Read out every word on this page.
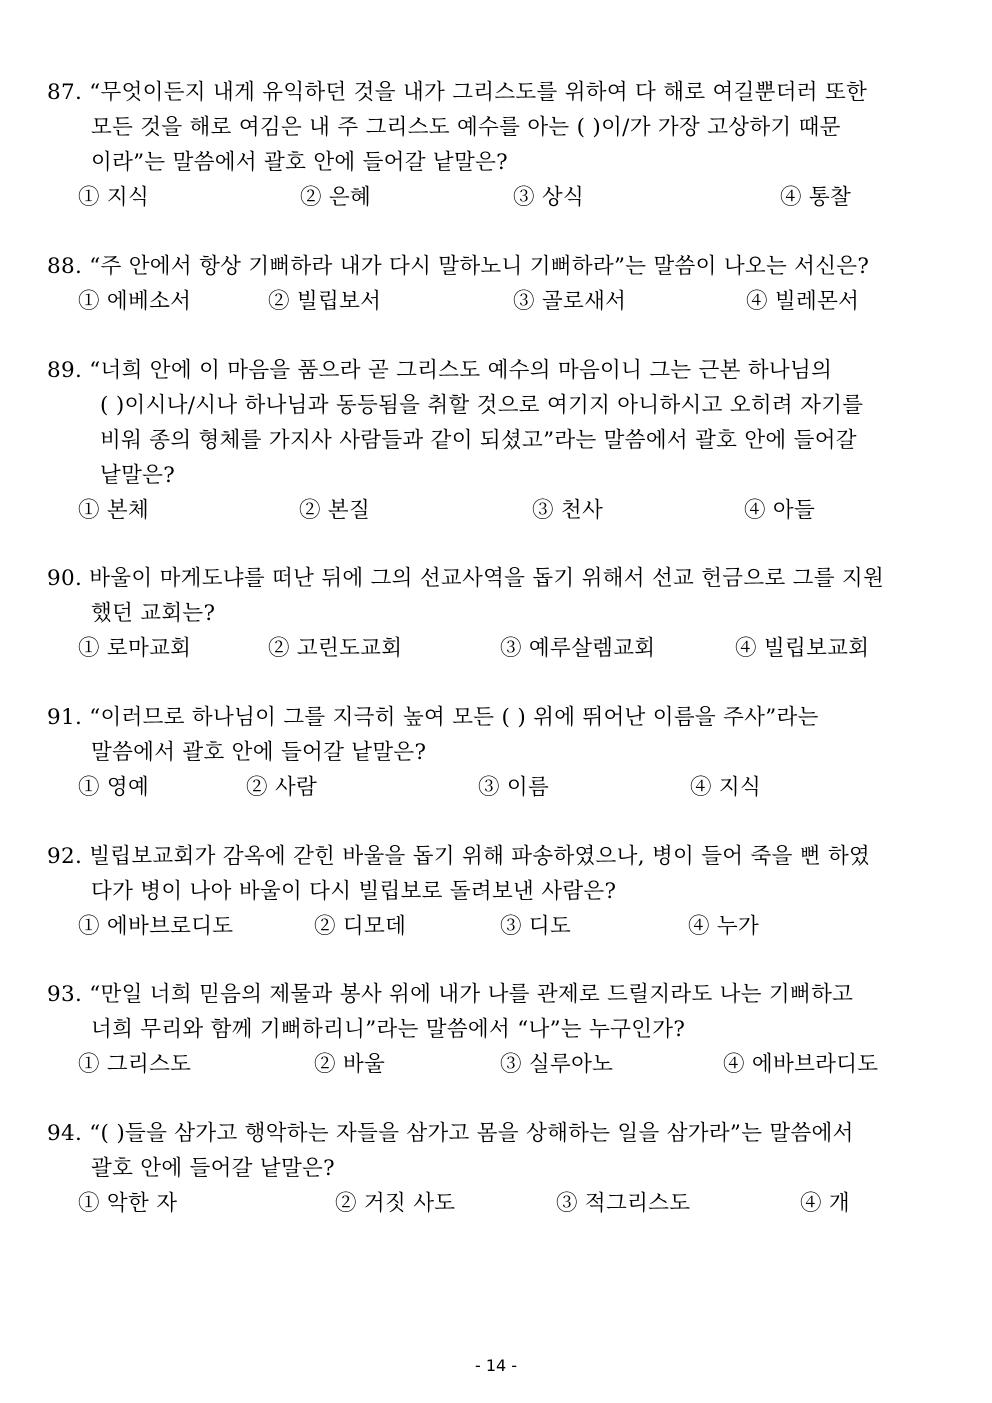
87. “무엇이든지 내게 유익하던 것을 내가 그리스도를 위하여 다 해로 여길뿐더러 또한
모든 것을 해로 여김은 내 주 그리스도 예수를 아는 ( )이/가 가장 고상하기 때문
이라”는 말씀에서 괄호 안에 들어갈 낱말은?
① 지식	② 은혜	③ 상식	④ 통찰
88. “주 안에서 항상 기뻐하라 내가 다시 말하노니 기뻐하라”는 말씀이 나오는 서신은?
① 에베소서	② 빌립보서	③ 골로새서	④ 빌레몬서
89. “너희 안에 이 마음을 품으라 곧 그리스도 예수의 마음이니 그는 근본 하나님의
( )이시나/시나 하나님과 동등됨을 취할 것으로 여기지 아니하시고 오히려 자기를
비워 종의 형체를 가지사 사람들과 같이 되셨고”라는 말씀에서 괄호 안에 들어갈
낱말은?
① 본체	② 본질	③ 천사	④ 아들
90. 바울이 마게도냐를 떠난 뒤에 그의 선교사역을 돕기 위해서 선교 헌금으로 그를 지원
했던 교회는?
① 로마교회	② 고린도교회	③ 예루살렘교회	④ 빌립보교회
91. “이러므로 하나님이 그를 지극히 높여 모든 ( ) 위에 뛰어난 이름을 주사”라는
말씀에서 괄호 안에 들어갈 낱말은?
① 영예	② 사람	③ 이름	④ 지식
92. 빌립보교회가 감옥에 갇힌 바울을 돕기 위해 파송하였으나, 병이 들어 죽을 뻔 하였
다가 병이 나아 바울이 다시 빌립보로 돌려보낸 사람은?
① 에바브로디도	② 디모데	③ 디도	④ 누가
93. “만일 너희 믿음의 제물과 봉사 위에 내가 나를 관제로 드릴지라도 나는 기뻐하고
너희 무리와 함께 기뻐하리니”라는 말씀에서 “나”는 누구인가?
① 그리스도	② 바울	③ 실루아노	④ 에바브라디도
94. “( )들을 삼가고 행악하는 자들을 삼가고 몸을 상해하는 일을 삼가라”는 말씀에서
괄호 안에 들어갈 낱말은?
① 악한 자	② 거짓 사도	③ 적그리스도	④ 개
- 14 -
